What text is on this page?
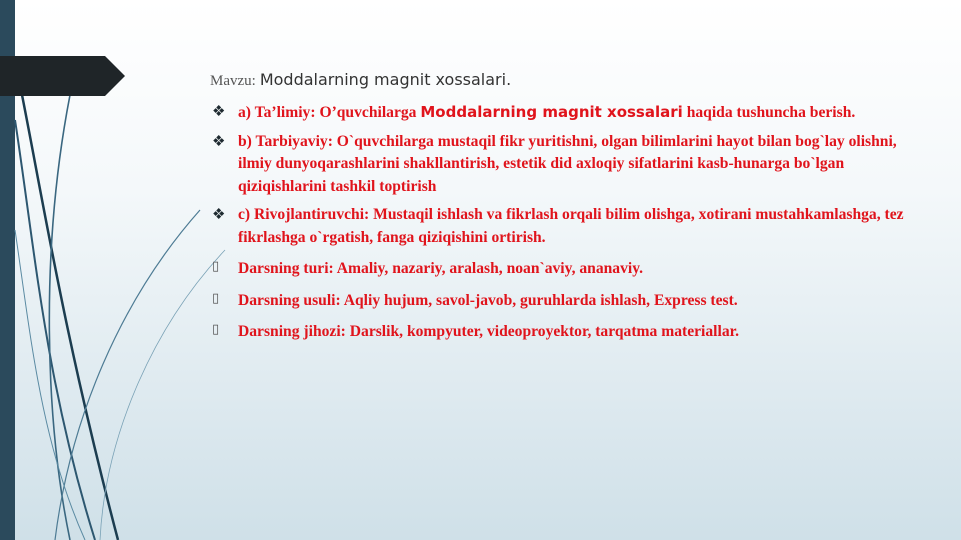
Mavzu: Moddalarning magnit xossalari.
❖ a) Ta’limiy: O’quvchilarga Moddalarning magnit xossalari haqida tushuncha berish.
❖ b) Tarbiyaviy: O`quvchilarga mustaqil fikr yuritishni, olgan bilimlarini hayot bilan bog`lay olishni, ilmiy dunyoqarashlarini shakllantirish, estetik did axloqiy sifatlarini kasb-hunarga bo`lgan qiziqishlarini tashkil toptirish
❖ c) Rivojlantiruvchi: Mustaqil ishlash va fikrlash orqali bilim olishga, xotirani mustahkamlashga, tez fikrlashga o`rgatish, fanga qiziqishini ortirish.
▯ Darsning turi: Amaliy, nazariy, aralash, noan`aviy, ananaviy.
▯ Darsning usuli: Aqliy hujum, savol-javob, guruhlarda ishlash, Express test.
▯ Darsning jihozi: Darslik, kompyuter, videoproyektor, tarqatma materiallar.
